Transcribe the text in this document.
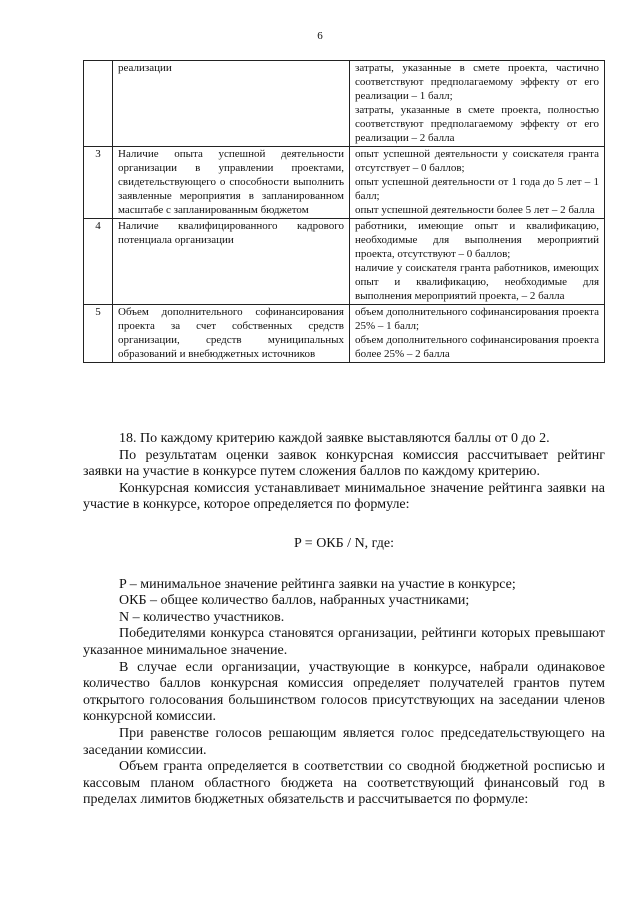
6

	реализации	затраты, указанные в смете проекта, частично соответствуют предполагаемому эффекту от его реализации – 1 балл;

затраты, указанные в смете проекта, полностью соответствуют предполагаемому эффекту от его реализации – 2 балла

3	Наличие опыта успешной деятельности организации в управлении проектами, свидетельствующего о способности выполнить заявленные мероприятия в запланированном масштабе с запланированным бюджетом	опыт успешной деятельности у соискателя гранта отсутствует – 0 баллов;

опыт успешной деятельности от 1 года до 5 лет – 1 балл;

опыт успешной деятельности более 5 лет – 2 балла

4	Наличие квалифицированного кадрового потенциала организации	работники, имеющие опыт и квалификацию, необходимые для выполнения мероприятий проекта, отсутствуют – 0 баллов;

наличие у соискателя гранта работников, имеющих опыт и квалификацию, необходимые для выполнения мероприятий проекта, – 2 балла

5	Объем дополнительного софинансирования проекта за счет собственных средств организации, средств муниципальных образований и внебюджетных источников	объем дополнительного софинансирования проекта 25% – 1 балл;

объем дополнительного софинансирования проекта более 25% – 2 балла

18. По каждому критерию каждой заявке выставляются баллы от 0 до 2.

По результатам оценки заявок конкурсная комиссия рассчитывает рейтинг заявки на участие в конкурсе путем сложения баллов по каждому критерию.

Конкурсная комиссия устанавливает минимальное значение рейтинга заявки на участие в конкурсе, которое определяется по формуле:

P = ОКБ / N, где:

P – минимальное значение рейтинга заявки на участие в конкурсе;

ОКБ – общее количество баллов, набранных участниками;

N – количество участников.

Победителями конкурса становятся организации, рейтинги которых превышают указанное минимальное значение.

В случае если организации, участвующие в конкурсе, набрали одинаковое количество баллов конкурсная комиссия определяет получателей грантов путем открытого голосования большинством голосов присутствующих на заседании членов конкурсной комиссии.

При равенстве голосов решающим является голос председательствующего на заседании комиссии.

Объем гранта определяется в соответствии со сводной бюджетной росписью и кассовым планом областного бюджета на соответствующий финансовый год в пределах лимитов бюджетных обязательств и рассчитывается по формуле:
